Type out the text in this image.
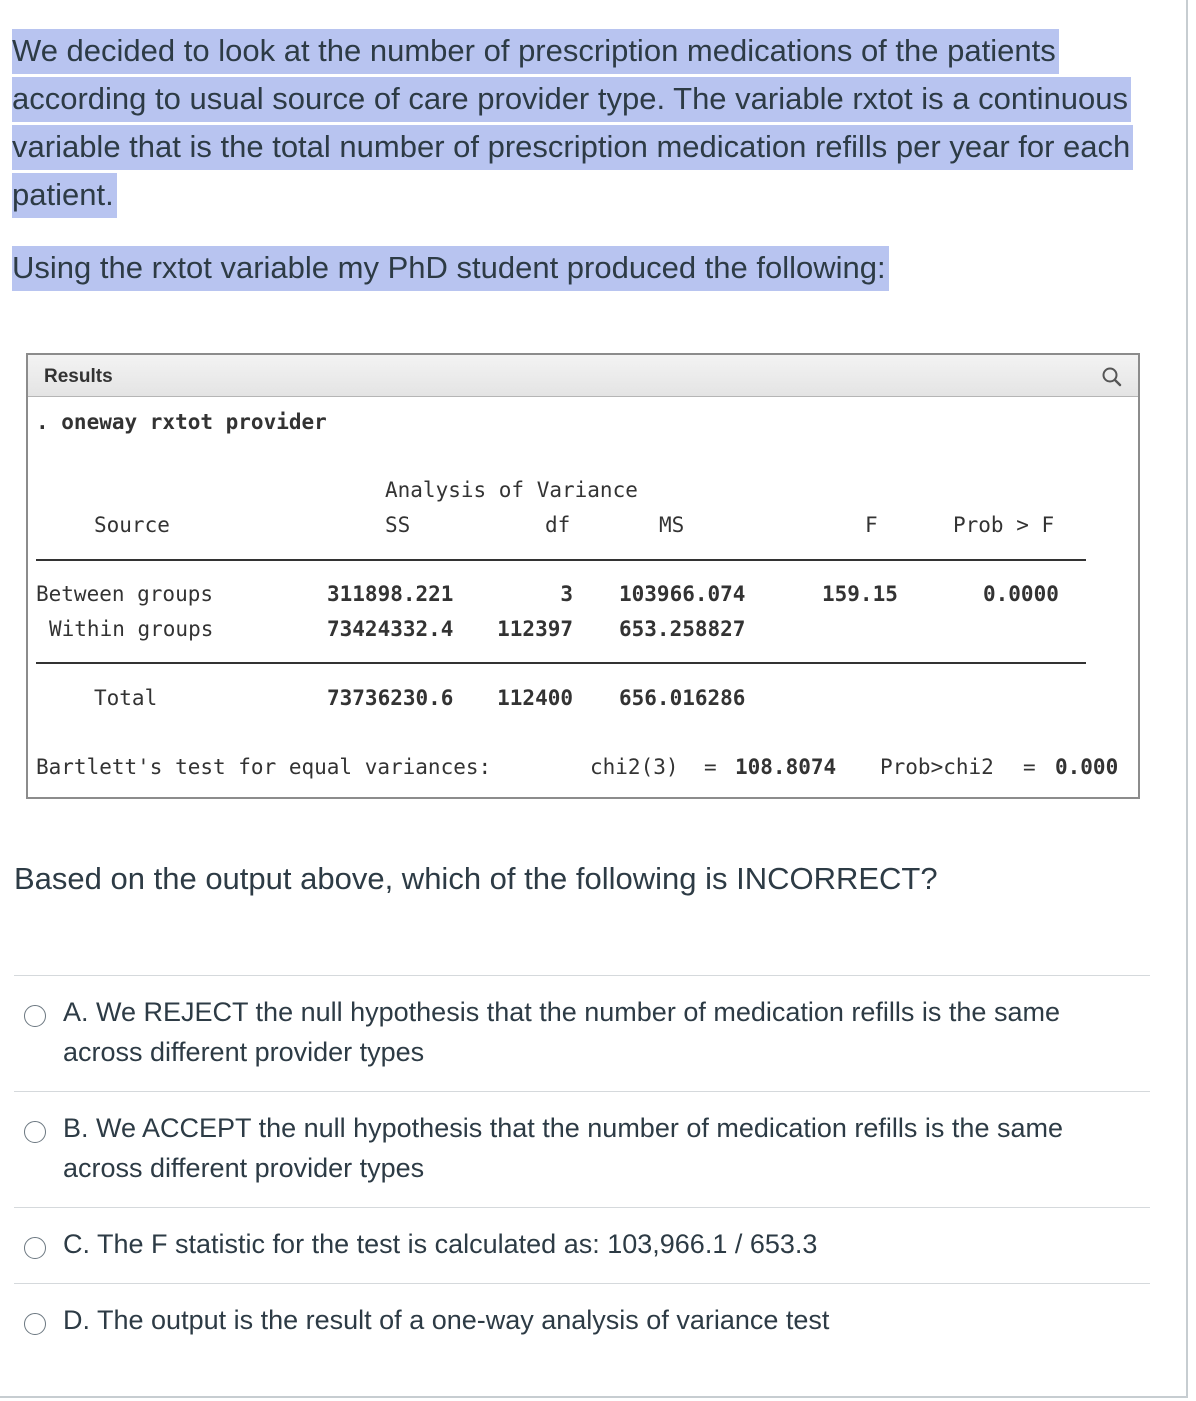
We decided to look at the number of prescription medications of the patients according to usual source of care provider type. The variable rxtot is a continuous variable that is the total number of prescription medication refills per year for each patient.
Using the rxtot variable my PhD student produced the following:
Results
. oneway rxtot provider
Analysis of Variance
Source	SS	df	MS	F	Prob > F
Between groups	311898.221	3 103966.074	159.15	0.0000
Within groups	73424332.4	112397 653.258827
Total	73736230.6	112400 656.016286
Bartlett's test for equal variances:	chi2(3) = 108.8074 Prob>chi2 = 0.000
Based on the output above, which of the following is INCORRECT?
A. We REJECT the null hypothesis that the number of medication refills is the same across different provider types
B. We ACCEPT the null hypothesis that the number of medication refills is the same across different provider types
C. The F statistic for the test is calculated as: 103,966.1 / 653.3
D. The output is the result of a one-way analysis of variance test
